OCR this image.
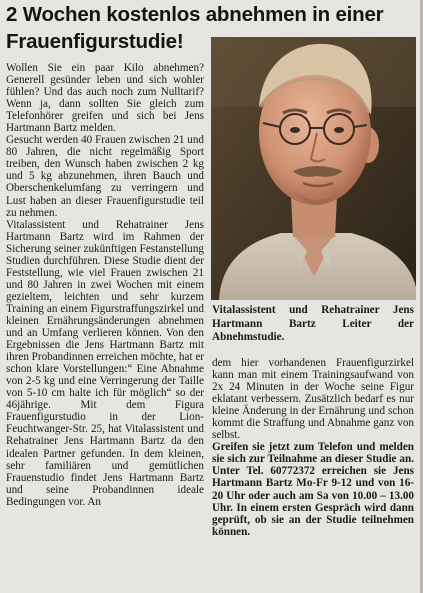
2 Wochen kostenlos abnehmen in einer
Frauenfigurstudie!

Wollen Sie ein paar Kilo abnehmen? Generell gesünder leben und sich wohler fühlen? Und das auch noch zum Nulltarif? Wenn ja, dann sollten Sie gleich zum Telefonhörer greifen und sich bei Jens Hartmann Bartz melden.

Gesucht werden 40 Frauen zwischen 21 und 80 Jahren, die nicht regelmäßig Sport treiben, den Wunsch haben zwischen 2 kg und 5 kg abzunehmen, ihren Bauch und Oberschenkelumfang zu verringern und Lust haben an dieser Frauenfigurstudie teil zu nehmen.

Vitalassistent und Rehatrainer Jens Hartmann Bartz wird im Rahmen der Sicherung seiner zukünftigen Festanstellung Studien durchführen. Diese Studie dient der Feststellung, wie viel Frauen zwischen 21 und 80 Jahren in zwei Wochen mit einem gezieltem, leichten und sehr kurzem Training an einem Figurstraffungszirkel und kleinen Ernährungsänderungen abnehmen und an Umfang verlieren können. Von den Ergebnissen die Jens Hartmann Bartz mit ihren Probandinnen erreichen möchte, hat er schon klare Vorstellungen:“ Eine Abnahme von 2-5 kg und eine Verringerung der Taille von 5-10 cm halte ich für möglich“ so der 46jährige. Mit dem Figura Frauenfigurstudio in der Lion-Feuchtwanger-Str. 25, hat Vitalassistent und Rehatrainer Jens Hartmann Bartz da den idealen Partner gefunden. In dem kleinen, sehr familiären und gemütlichen Frauenstudio findet Jens Hartmann Bartz und seine Probandinnen ideale Bedingungen vor. An

Vitalassistent und Rehatrainer Jens Hartmann Bartz Leiter der Abnehmstudie.

dem hier vorhandenen Frauenfigurzirkel kann man mit einem Trainingsaufwand von 2x 24 Minuten in der Woche seine Figur eklatant verbessern. Zusätzlich bedarf es nur kleine Änderung in der Ernährung und schon kommt die Straffung und Abnahme ganz von selbst.

Greifen sie jetzt zum Telefon und melden sie sich zur Teilnahme an dieser Studie an. Unter Tel. 60772372 erreichen sie Jens Hartmann Bartz Mo-Fr 9-12 und von 16-20 Uhr oder auch am Sa von 10.00 – 13.00 Uhr. In einem ersten Gespräch wird dann geprüft, ob sie an der Studie teilnehmen können.
